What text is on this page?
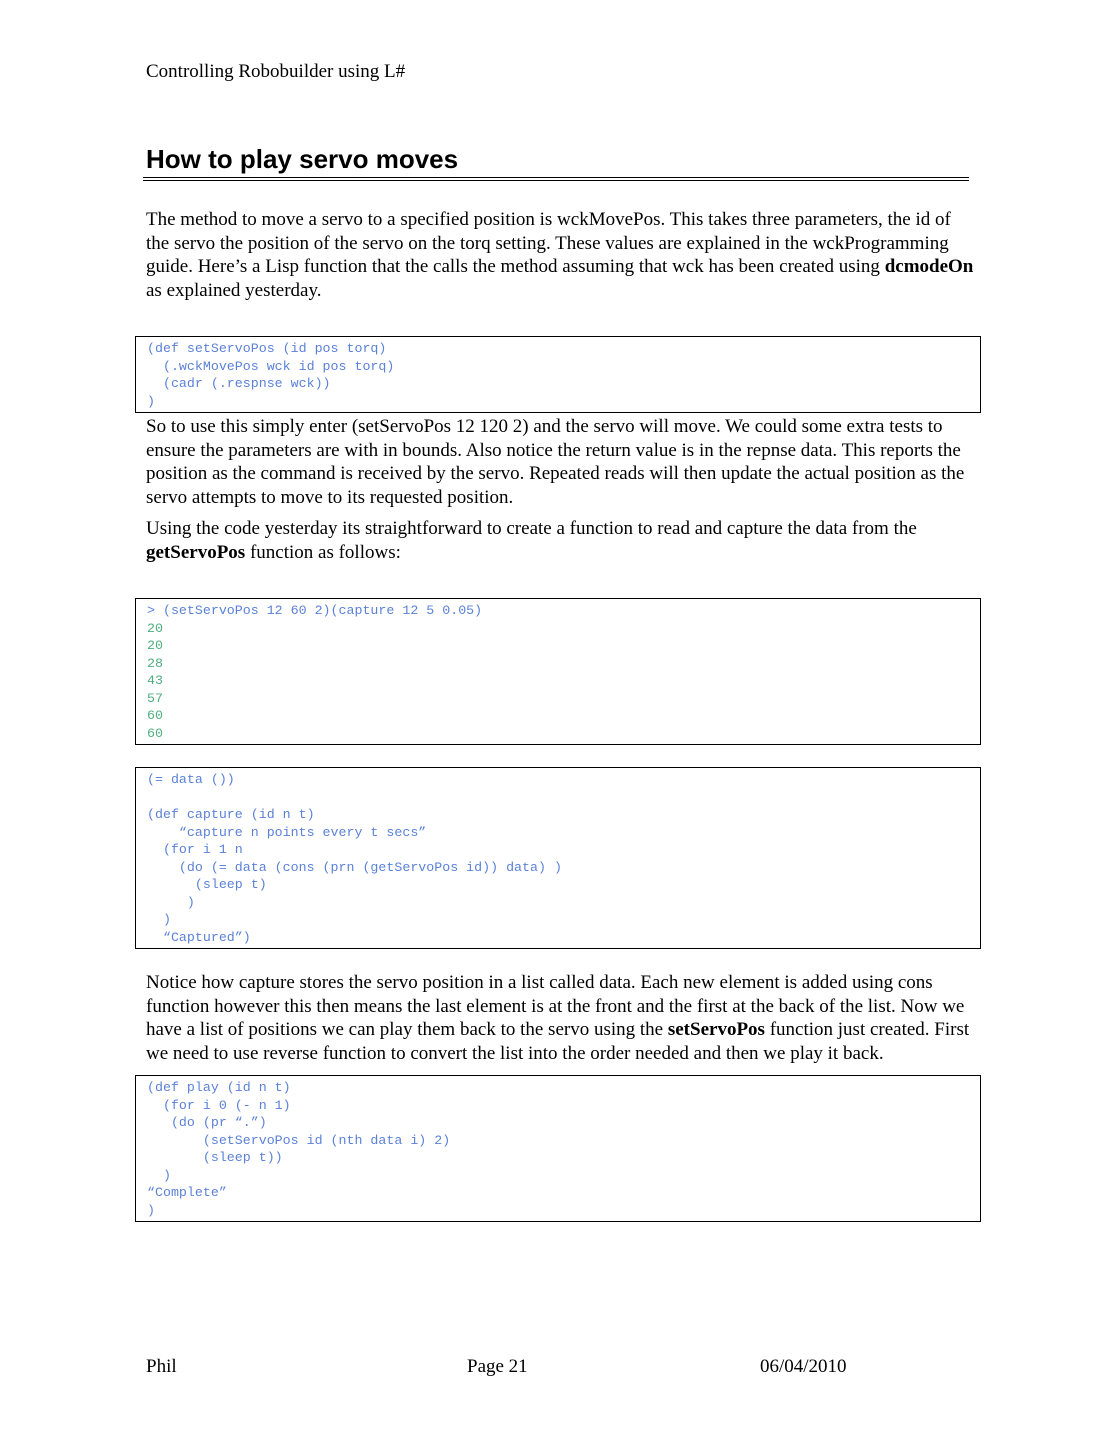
Controlling Robobuilder using L#
How to play servo moves

The method to move a servo to a specified position is wckMovePos. This takes three parameters, the id of the servo the position of the servo on the torq setting. These values are explained in the wckProgramming guide. Here’s a Lisp function that the calls the method assuming that wck has been created using dcmodeOn as explained yesterday.

(def setServoPos (id pos torq)
(.wckMovePos wck id pos torq)
(cadr (.respnse wck))
)

So to use this simply enter (setServoPos 12 120 2) and the servo will move. We could some extra tests to ensure the parameters are with in bounds. Also notice the return value is in the repnse data. This reports the position as the command is received by the servo. Repeated reads will then update the actual position as the servo attempts to move to its requested position.

Using the code yesterday its straightforward to create a function to read and capture the data from the getServoPos function as follows:

> (setServoPos 12 60 2)(capture 12 5 0.05)
20
20
28
43
57
60
60
(= data ())
(def capture (id n t)
“capture n points every t secs”
(for i 1 n
(do (= data (cons (prn (getServoPos id)) data) )
(sleep t)
)
)
“Captured”)

Notice how capture stores the servo position in a list called data. Each new element is added using cons function however this then means the last element is at the front and the first at the back of the list. Now we have a list of positions we can play them back to the servo using the setServoPos function just created. First we need to use reverse function to convert the list into the order needed and then we play it back.

(def play (id n t)
(for i 0 (- n 1)
(do (pr “.”)
(setServoPos id (nth data i) 2)
(sleep t))
)
“Complete”
)
Phil	Page 21	06/04/2010
